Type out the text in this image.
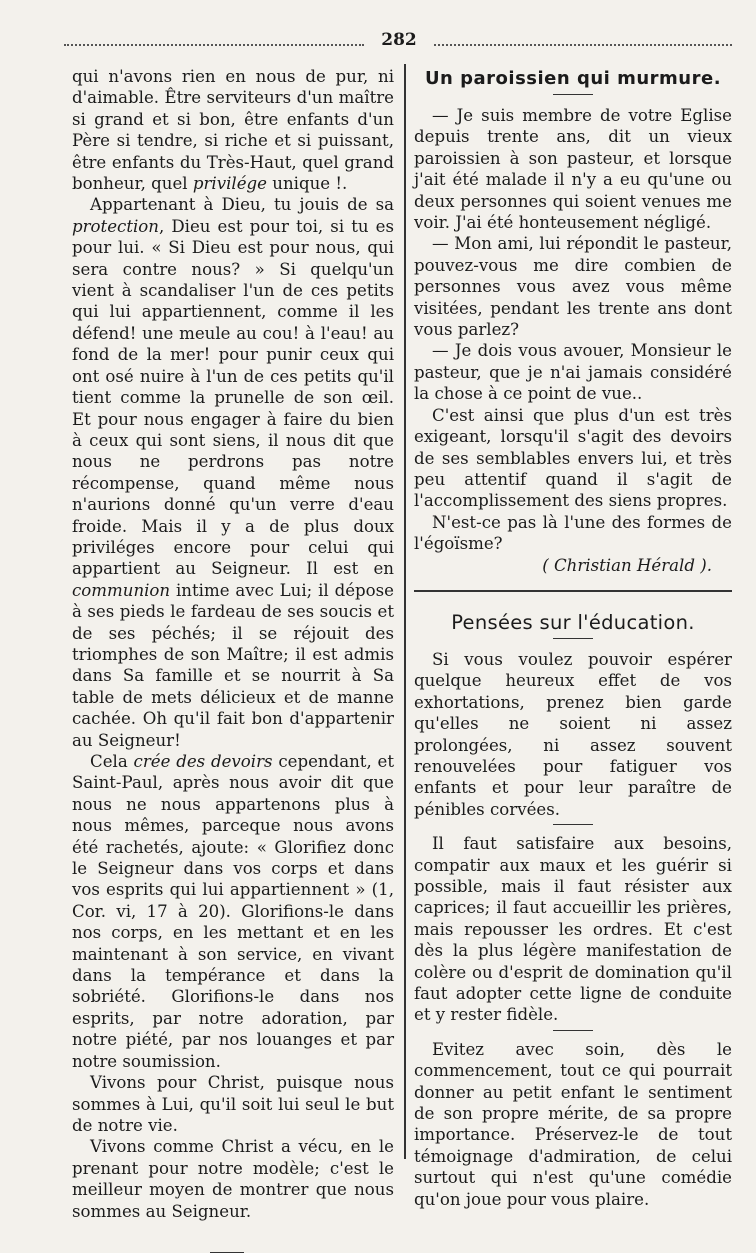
282

qui n'avons rien en nous de pur, ni d'aimable. Être serviteurs d'un maître si grand et si bon, être enfants d'un Père si tendre, si riche et si puissant, être enfants du Très-Haut, quel grand bonheur, quel privilége unique !.

Appartenant à Dieu, tu jouis de sa protection, Dieu est pour toi, si tu es pour lui. « Si Dieu est pour nous, qui sera contre nous? » Si quelqu'un vient à scandaliser l'un de ces petits qui lui appartiennent, comme il les défend! une meule au cou! à l'eau! au fond de la mer! pour punir ceux qui ont osé nuire à l'un de ces petits qu'il tient comme la prunelle de son œil. Et pour nous engager à faire du bien à ceux qui sont siens, il nous dit que nous ne perdrons pas notre récompense, quand même nous n'aurions donné qu'un verre d'eau froide. Mais il y a de plus doux priviléges encore pour celui qui appartient au Seigneur. Il est en communion intime avec Lui; il dépose à ses pieds le fardeau de ses soucis et de ses péchés; il se réjouit des triomphes de son Maître; il est admis dans Sa famille et se nourrit à Sa table de mets délicieux et de manne cachée. Oh qu'il fait bon d'appartenir au Seigneur!

Cela crée des devoirs cependant, et Saint-Paul, après nous avoir dit que nous ne nous appartenons plus à nous mêmes, parceque nous avons été rachetés, ajoute: « Glorifiez donc le Seigneur dans vos corps et dans vos esprits qui lui appartiennent » (1, Cor. vi, 17 à 20). Glorifions-le dans nos corps, en les mettant et en les maintenant à son service, en vivant dans la tempérance et dans la sobriété. Glorifions-le dans nos esprits, par notre adoration, par notre piété, par nos louanges et par notre soumission.

Vivons pour Christ, puisque nous sommes à Lui, qu'il soit lui seul le but de notre vie.

Vivons comme Christ a vécu, en le prenant pour notre modèle; c'est le meilleur moyen de montrer que nous sommes au Seigneur.

Un paroissien qui murmure.

— Je suis membre de votre Eglise depuis trente ans, dit un vieux paroissien à son pasteur, et lorsque j'ait été malade il n'y a eu qu'une ou deux personnes qui soient venues me voir. J'ai été honteusement négligé.

— Mon ami, lui répondit le pasteur, pouvez-vous me dire combien de personnes vous avez vous même visitées, pendant les trente ans dont vous parlez?

— Je dois vous avouer, Monsieur le pasteur, que je n'ai jamais considéré la chose à ce point de vue..

C'est ainsi que plus d'un est très exigeant, lorsqu'il s'agit des devoirs de ses semblables envers lui, et très peu attentif quand il s'agit de l'accomplissement des siens propres.

N'est-ce pas là l'une des formes de l'égoïsme?

( Christian Hérald ).

Pensées sur l'éducation.

Si vous voulez pouvoir espérer quelque heureux effet de vos exhortations, prenez bien garde qu'elles ne soient ni assez prolongées, ni assez souvent renouvelées pour fatiguer vos enfants et pour leur paraître de pénibles corvées.

Il faut satisfaire aux besoins, compatir aux maux et les guérir si possible, mais il faut résister aux caprices; il faut accueillir les prières, mais repousser les ordres. Et c'est dès la plus légère manifestation de colère ou d'esprit de domination qu'il faut adopter cette ligne de conduite et y rester fidèle.

Evitez avec soin, dès le commencement, tout ce qui pourrait donner au petit enfant le sentiment de son propre mérite, de sa propre importance. Préservez-le de tout témoignage d'admiration, de celui surtout qui n'est qu'une comédie qu'on joue pour vous plaire.
